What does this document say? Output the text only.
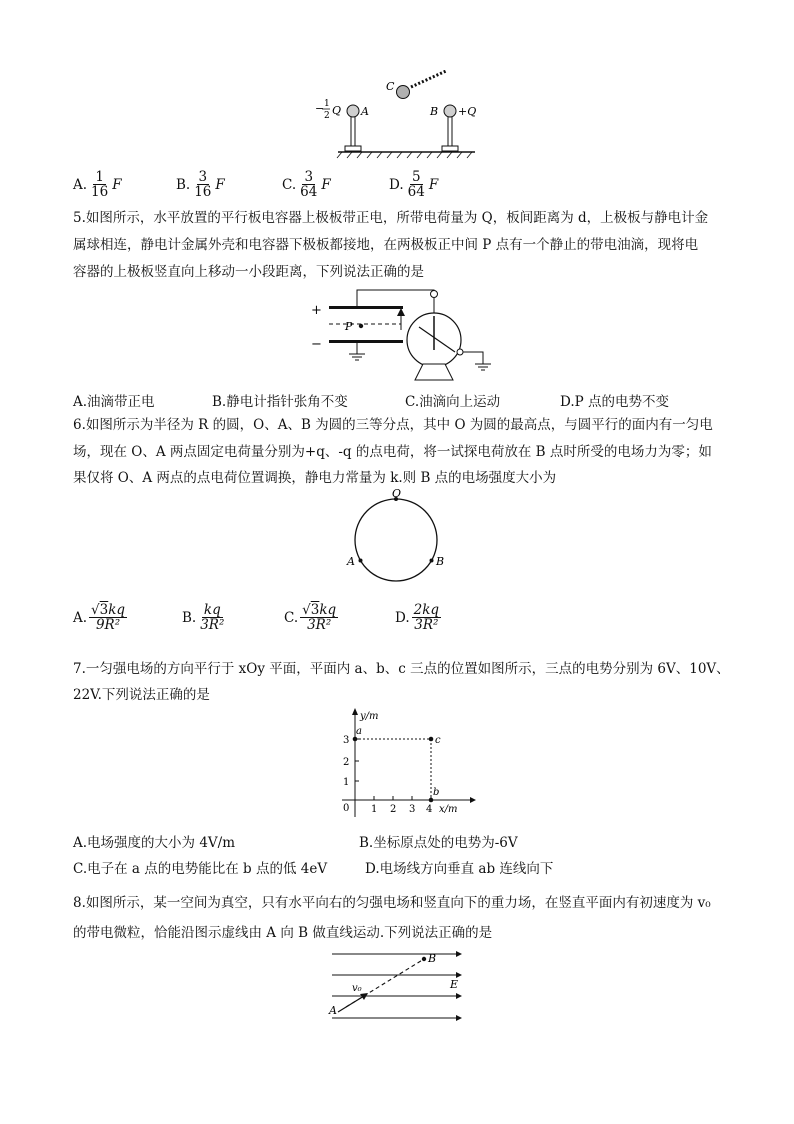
C
− 1
2 Q A	B +Q
A. $\frac{1}{16}$ F	B. $\frac{3}{16}$ F	C. $\frac{3}{64}$ F	D. $\frac{5}{64}$ F
5.如图所示，水平放置的平行板电容器上极板带正电，所带电荷量为 Q，板间距离为 d，上极板与静电计金
属球相连，静电计金属外壳和电容器下极板都接地，在两极板正中间 P 点有一个静止的带电油滴，现将电
容器的上极板竖直向上移动一小段距离，下列说法正确的是
+
P
−
A.油滴带正电	B.静电计指针张角不变	C.油滴向上运动	D.P 点的电势不变
6.如图所示为半径为 R 的圆，O、A、B 为圆的三等分点，其中 O 为圆的最高点，与圆平行的面内有一匀电
场，现在 O、A 两点固定电荷量分别为+q、-q 的点电荷，将一试探电荷放在 B 点时所受的电场力为零；如
果仅将 O、A 两点的点电荷位置调换，静电力常量为 k.则 B 点的电场强度大小为
O
A	B
A. $\frac{√3kq}{\text{9R²}}$	B. $\frac{kq}{\text{3R²}}$	C. $\frac{√3kq}{\text{3R²}}$	D. $\frac{2kq}{\text{3R²}}$
7.一匀强电场的方向平行于 xOy 平面，平面内 a、b、c 三点的位置如图所示，三点的电势分别为 6V、10V、
22V.下列说法正确的是
y/m
x/m
0
a
c
b
1 2 3 4
1
2
3
A.电场强度的大小为 4V/m	B.坐标原点处的电势为-6V
C.电子在 a 点的电势能比在 b 点的低 4eV	D.电场线方向垂直 ab 连线向下
8.如图所示，某一空间为真空，只有水平向右的匀强电场和竖直向下的重力场，在竖直平面内有初速度为 v₀
的带电微粒，恰能沿图示虚线由 A 向 B 做直线运动.下列说法正确的是
A
B
E
v₀
